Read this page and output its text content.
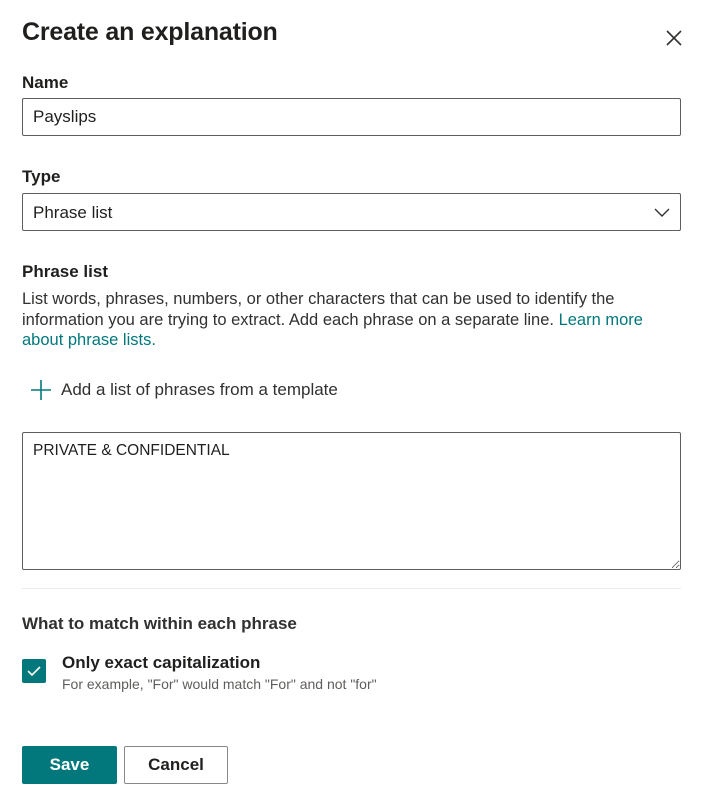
Create an explanation
Name
Payslips
Type
Phrase list
Phrase list
List words, phrases, numbers, or other characters that can be used to identify the information you are trying to extract. Add each phrase on a separate line. Learn more about phrase lists.
Add a list of phrases from a template
PRIVATE & CONFIDENTIAL
What to match within each phrase
Only exact capitalization
For example, "For" would match "For" and not "for"
Save	Cancel
